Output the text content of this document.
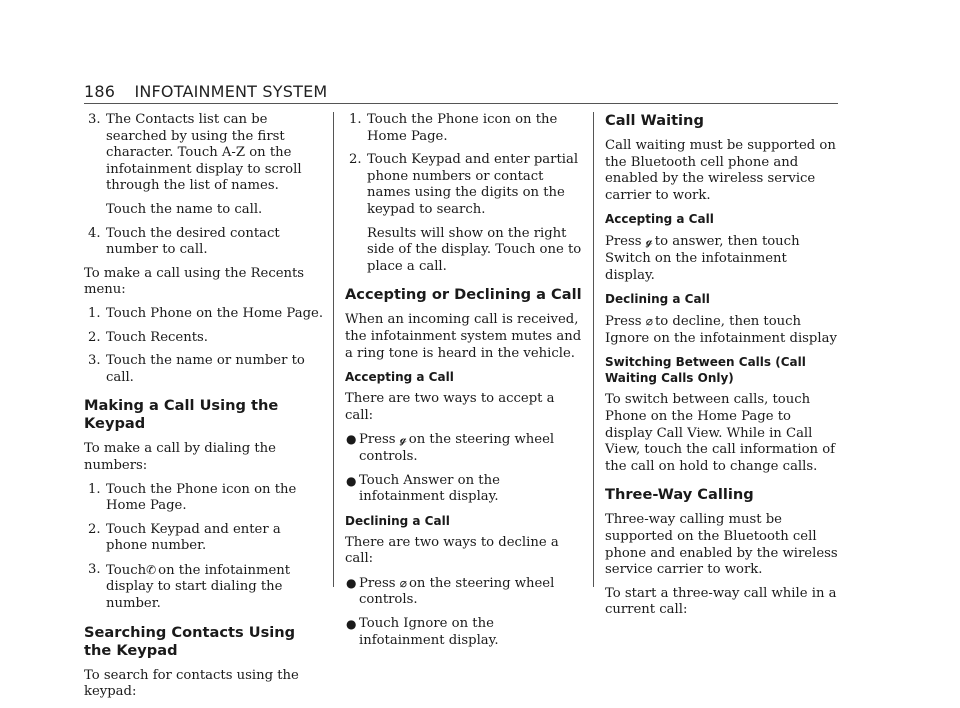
186 INFOTAINMENT SYSTEM
3. The Contacts list can be searched by using the first character. Touch A-Z on the infotainment display to scroll through the list of names.

Touch the name to call.

4. Touch the desired contact number to call.

To make a call using the Recents menu:

1. Touch Phone on the Home Page.
2. Touch Recents.
3. Touch the name or number to call.
Making a Call Using the Keypad

To make a call by dialing the numbers:

1. Touch the Phone icon on the Home Page.
2. Touch Keypad and enter a phone number.
3. Touch✆ on the infotainment display to start dialing the number.
Searching Contacts Using the Keypad

To search for contacts using the keypad:

1. Touch the Phone icon on the Home Page.
2. Touch Keypad and enter partial phone numbers or contact names using the digits on the keypad to search.

Results will show on the right side of the display. Touch one to place a call.

Accepting or Declining a Call

When an incoming call is received, the infotainment system mutes and a ring tone is heard in the vehicle.

Accepting a Call

There are two ways to accept a call:

● Press 𝓰 on the steering wheel controls.
● Touch Answer on the infotainment display.
Declining a Call

There are two ways to decline a call:

● Press ⌀ on the steering wheel controls.
● Touch Ignore on the infotainment display.
Call Waiting

Call waiting must be supported on the Bluetooth cell phone and enabled by the wireless service carrier to work.

Accepting a Call

Press 𝓰 to answer, then touch Switch on the infotainment display.

Declining a Call

Press ⌀ to decline, then touch Ignore on the infotainment display

Switching Between Calls (Call Waiting Calls Only)

To switch between calls, touch Phone on the Home Page to display Call View. While in Call View, touch the call information of the call on hold to change calls.

Three-Way Calling

Three-way calling must be supported on the Bluetooth cell phone and enabled by the wireless service carrier to work.

To start a three-way call while in a current call:
